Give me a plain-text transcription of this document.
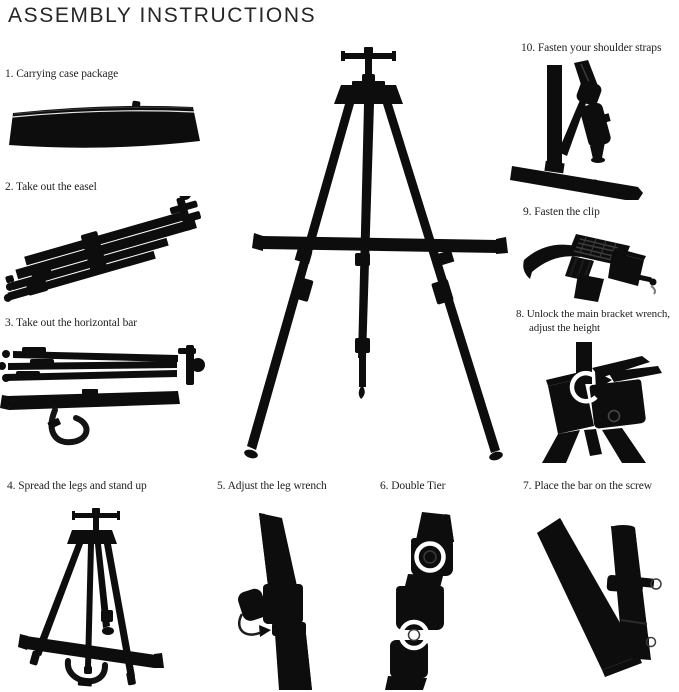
ASSEMBLY INSTRUCTIONS
1. Carrying case package
2. Take out the easel
3. Take out the horizontal bar
10. Fasten your shoulder straps
9. Fasten the clip
8. Unlock the main bracket wrench, adjust the height
4. Spread the legs and stand up	5. Adjust the leg wrench	6. Double Tier	7. Place the bar on the screw
